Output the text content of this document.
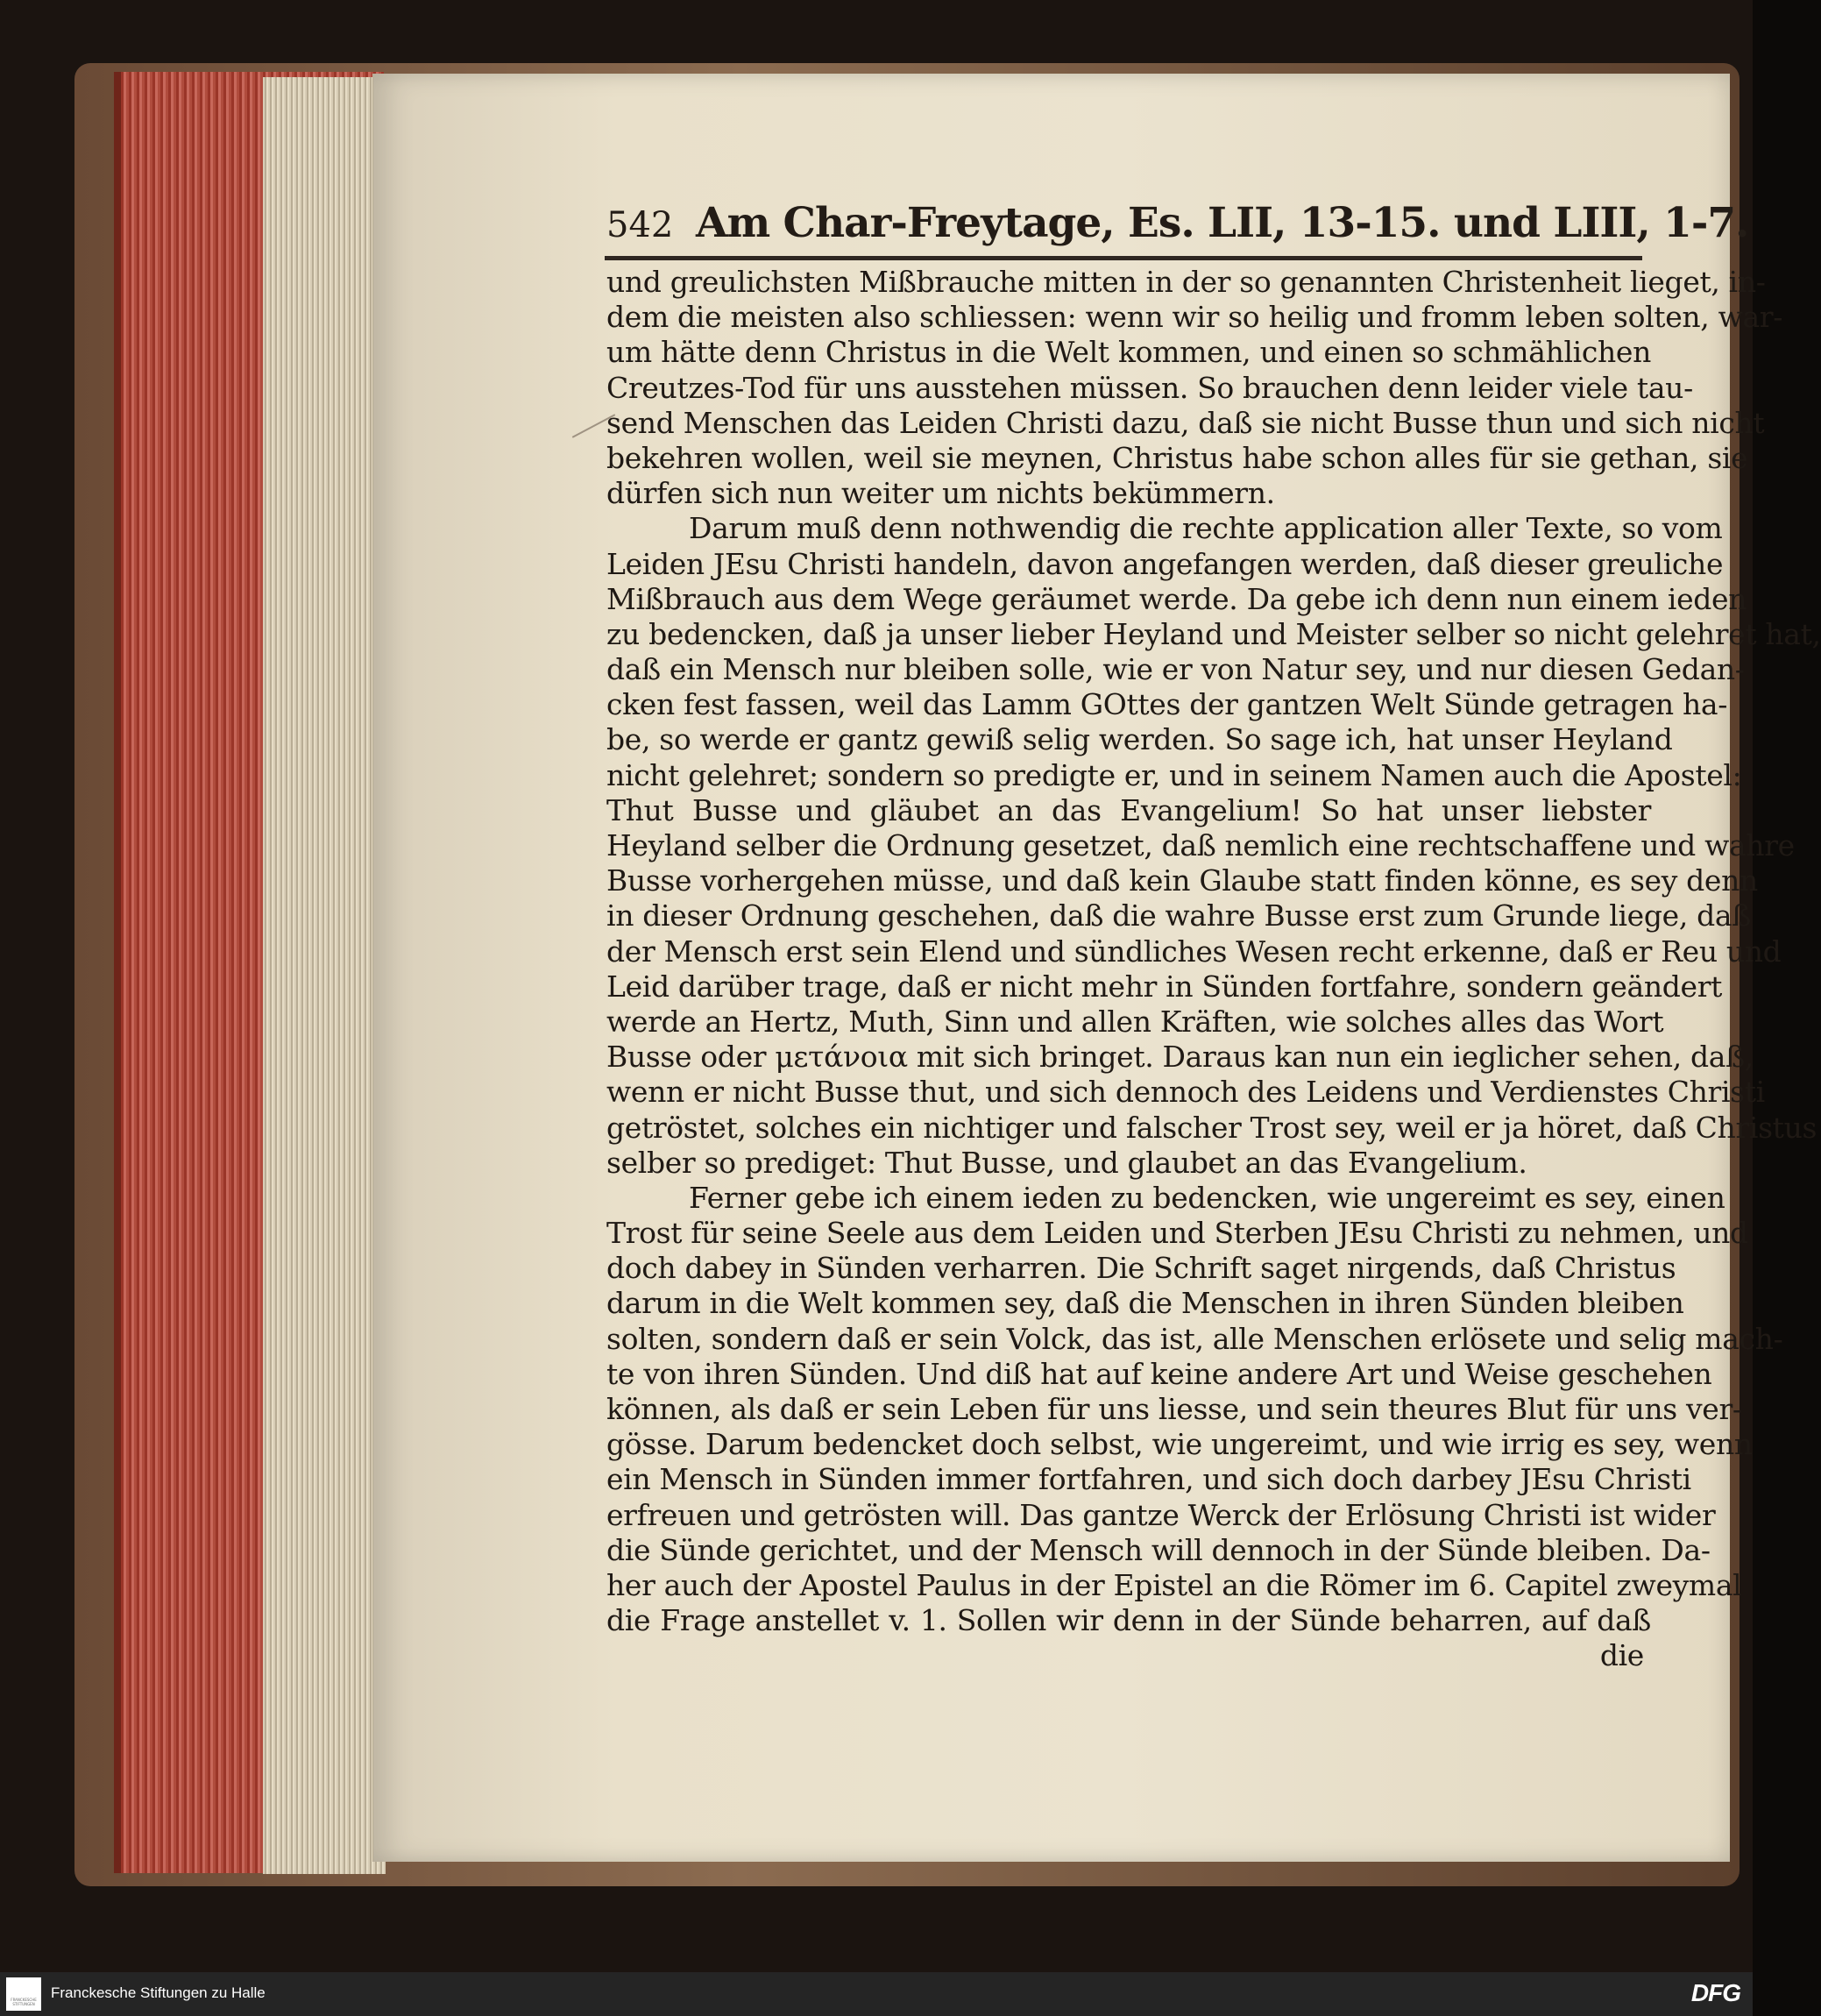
542 Am Char-Freytage, Es. LII, 13-15. und LIII, 1-7.
und greulichsten Mißbrauche mitten in der so genannten Christenheit lieget, in-
dem die meisten also schliessen: wenn wir so heilig und fromm leben solten, war-
um hätte denn Christus in die Welt kommen, und einen so schmählichen
Creutzes-Tod für uns ausstehen müssen. So brauchen denn leider viele tau-
send Menschen das Leiden Christi dazu, daß sie nicht Busse thun und sich nicht
bekehren wollen, weil sie meynen, Christus habe schon alles für sie gethan, sie
dürfen sich nun weiter um nichts bekümmern.
Darum muß denn nothwendig die rechte application aller Texte, so vom
Leiden JEsu Christi handeln, davon angefangen werden, daß dieser greuliche
Mißbrauch aus dem Wege geräumet werde. Da gebe ich denn nun einem ieden
zu bedencken, daß ja unser lieber Heyland und Meister selber so nicht gelehret hat,
daß ein Mensch nur bleiben solle, wie er von Natur sey, und nur diesen Gedan-
cken fest fassen, weil das Lamm GOttes der gantzen Welt Sünde getragen ha-
be, so werde er gantz gewiß selig werden. So sage ich, hat unser Heyland
nicht gelehret; sondern so predigte er, und in seinem Namen auch die Apostel:
Thut Busse und gläubet an das Evangelium! So hat unser liebster
Heyland selber die Ordnung gesetzet, daß nemlich eine rechtschaffene und wahre
Busse vorhergehen müsse, und daß kein Glaube statt finden könne, es sey denn
in dieser Ordnung geschehen, daß die wahre Busse erst zum Grunde liege, daß
der Mensch erst sein Elend und sündliches Wesen recht erkenne, daß er Reu und
Leid darüber trage, daß er nicht mehr in Sünden fortfahre, sondern geändert
werde an Hertz, Muth, Sinn und allen Kräften, wie solches alles das Wort
Busse oder μετάνοια mit sich bringet. Daraus kan nun ein ieglicher sehen, daß,
wenn er nicht Busse thut, und sich dennoch des Leidens und Verdienstes Christi
getröstet, solches ein nichtiger und falscher Trost sey, weil er ja höret, daß Christus
selber so prediget: Thut Busse, und glaubet an das Evangelium.
Ferner gebe ich einem ieden zu bedencken, wie ungereimt es sey, einen
Trost für seine Seele aus dem Leiden und Sterben JEsu Christi zu nehmen, und
doch dabey in Sünden verharren. Die Schrift saget nirgends, daß Christus
darum in die Welt kommen sey, daß die Menschen in ihren Sünden bleiben
solten, sondern daß er sein Volck, das ist, alle Menschen erlösete und selig mach-
te von ihren Sünden. Und diß hat auf keine andere Art und Weise geschehen
können, als daß er sein Leben für uns liesse, und sein theures Blut für uns ver-
gösse. Darum bedencket doch selbst, wie ungereimt, und wie irrig es sey, wenn
ein Mensch in Sünden immer fortfahren, und sich doch darbey JEsu Christi
erfreuen und getrösten will. Das gantze Werck der Erlösung Christi ist wider
die Sünde gerichtet, und der Mensch will dennoch in der Sünde bleiben. Da-
her auch der Apostel Paulus in der Epistel an die Römer im 6. Capitel zweymal
die Frage anstellet v. 1. Sollen wir denn in der Sünde beharren, auf daß
die
FRANCKESCHE STIFTUNGEN
Franckesche Stiftungen zu Halle	DFG
